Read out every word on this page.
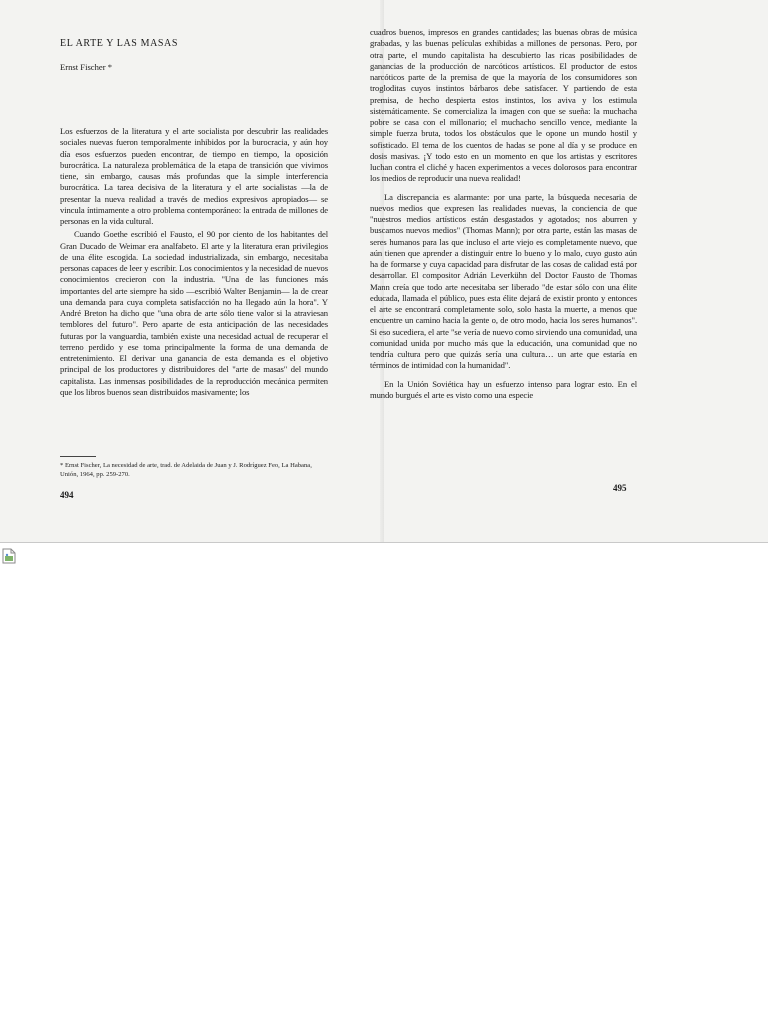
EL ARTE Y LAS MASAS
Ernst Fischer *

Los esfuerzos de la literatura y el arte socialista por descubrir las realidades sociales nuevas fueron temporalmente inhibidos por la burocracia, y aún hoy día esos esfuerzos pueden encontrar, de tiempo en tiempo, la oposición burocrática. La naturaleza problemática de la etapa de transición que vivimos tiene, sin embargo, causas más profundas que la simple interferencia burocrática. La tarea decisiva de la literatura y el arte socialistas —la de presentar la nueva realidad a través de medios expresivos apropiados— se vincula íntimamente a otro problema contemporáneo: la entrada de millones de personas en la vida cultural.

Cuando Goethe escribió el Fausto, el 90 por ciento de los habitantes del Gran Ducado de Weimar era analfabeto. El arte y la literatura eran privilegios de una élite escogida. La sociedad industrializada, sin embargo, necesitaba personas capaces de leer y escribir. Los conocimientos y la necesidad de nuevos conocimientos crecieron con la industria. "Una de las funciones más importantes del arte siempre ha sido —escribió Walter Benjamin— la de crear una demanda para cuya completa satisfacción no ha llegado aún la hora". Y André Breton ha dicho que "una obra de arte sólo tiene valor si la atraviesan temblores del futuro". Pero aparte de esta anticipación de las necesidades futuras por la vanguardia, también existe una necesidad actual de recuperar el terreno perdido y ese toma principalmente la forma de una demanda de entretenimiento. El derivar una ganancia de esta demanda es el objetivo principal de los productores y distribuidores del "arte de masas" del mundo capitalista. Las inmensas posibilidades de la reproducción mecánica permiten que los libros buenos sean distribuidos masivamente; los

* Ernst Fischer, La necesidad de arte, trad. de Adelaida de Juan y J. Rodríguez Feo, La Habana, Unión, 1964, pp. 259-270.
494

cuadros buenos, impresos en grandes cantidades; las buenas obras de música grabadas, y las buenas películas exhibidas a millones de personas. Pero, por otra parte, el mundo capitalista ha descubierto las ricas posibilidades de ganancias de la producción de narcóticos artísticos. El productor de estos narcóticos parte de la premisa de que la mayoría de los consumidores son trogloditas cuyos instintos bárbaros debe satisfacer. Y partiendo de esta premisa, de hecho despierta estos instintos, los aviva y los estimula sistemáticamente. Se comercializa la imagen con que se sueña: la muchacha pobre se casa con el millonario; el muchacho sencillo vence, mediante la simple fuerza bruta, todos los obstáculos que le opone un mundo hostil y sofisticado. El tema de los cuentos de hadas se pone al día y se produce en dosis masivas. ¡Y todo esto en un momento en que los artistas y escritores luchan contra el cliché y hacen experimentos a veces dolorosos para encontrar los medios de reproducir una nueva realidad!

La discrepancia es alarmante: por una parte, la búsqueda necesaria de nuevos medios que expresen las realidades nuevas, la conciencia de que "nuestros medios artísticos están desgastados y agotados; nos aburren y buscamos nuevos medios" (Thomas Mann); por otra parte, están las masas de seres humanos para las que incluso el arte viejo es completamente nuevo, que aún tienen que aprender a distinguir entre lo bueno y lo malo, cuyo gusto aún ha de formarse y cuya capacidad para disfrutar de las cosas de calidad está por desarrollar. El compositor Adrián Leverkühn del Doctor Fausto de Thomas Mann creía que todo arte necesitaba ser liberado "de estar sólo con una élite educada, llamada el público, pues esta élite dejará de existir pronto y entonces el arte se encontrará completamente solo, solo hasta la muerte, a menos que encuentre un camino hacia la gente o, de otro modo, hacia los seres humanos". Si eso sucediera, el arte "se vería de nuevo como sirviendo una comunidad, una comunidad unida por mucho más que la educación, una comunidad que no tendría cultura pero que quizás sería una cultura… un arte que estaría en términos de intimidad con la humanidad".

En la Unión Soviética hay un esfuerzo intenso para lograr esto. En el mundo burgués el arte es visto como una especie

495
